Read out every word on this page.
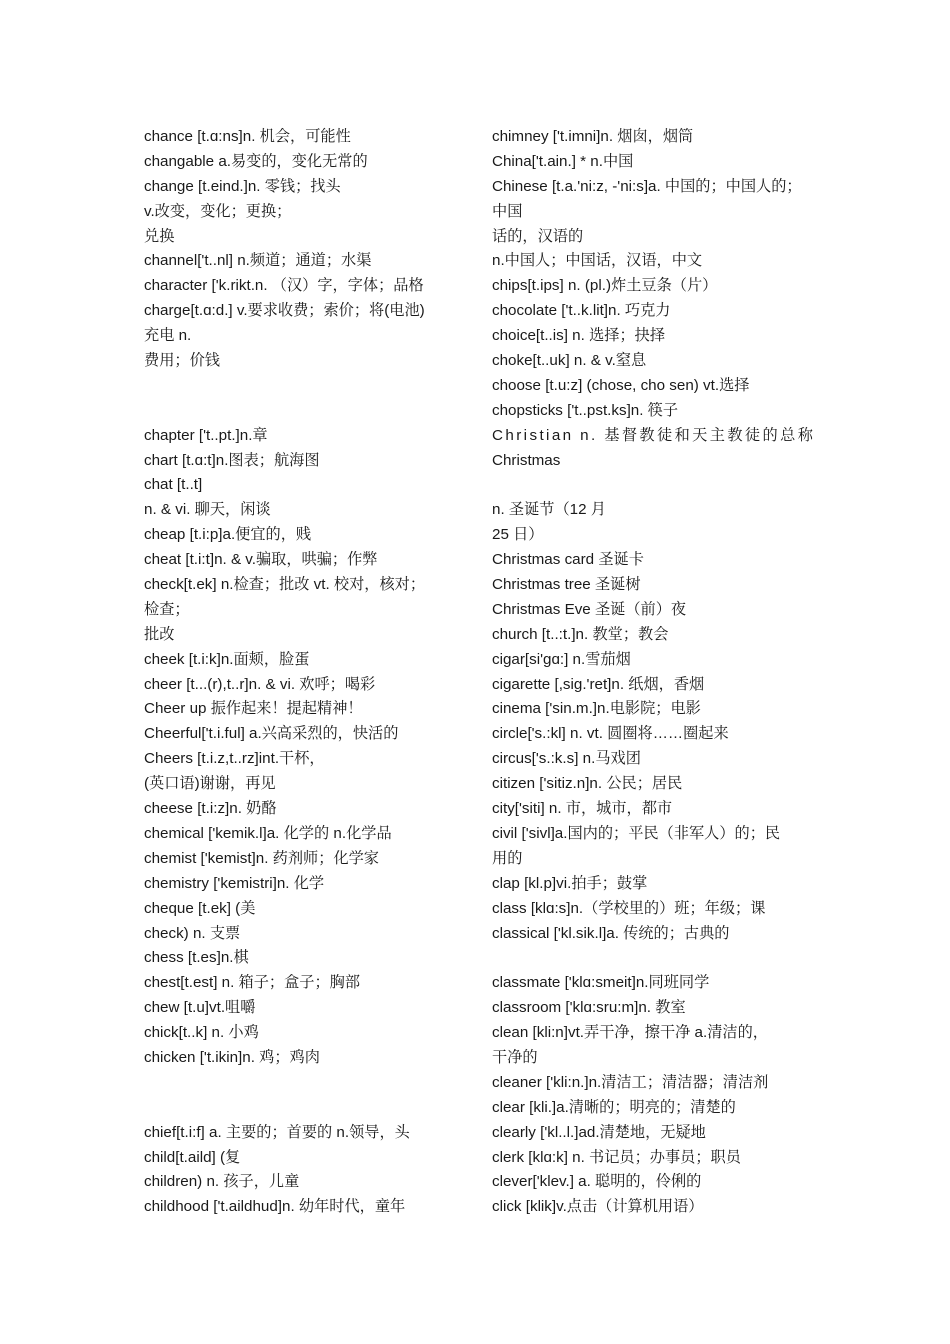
chance [t.ɑ:ns]n. 机会，可能性
changable a.易变的，变化无常的
change [t.eind.]n. 零钱；找头
v.改变，变化；更换；
兑换
channel['t..nl] n.频道；通道；水渠
character ['k.rikt.n. （汉）字，字体；品格
charge[t.ɑ:d.] v.要求收费；索价；将(电池)
充电 n.
费用；价钱
chapter ['t..pt.]n.章
chart [t.ɑ:t]n.图表；航海图
chat [t..t]
n. & vi. 聊天，闲谈
cheap [t.i:p]a.便宜的，贱
cheat [t.i:t]n. & v.骗取，哄骗；作弊
check[t.ek] n.检查；批改 vt. 校对，核对；
检查；
批改
cheek [t.i:k]n.面颊，脸蛋
cheer [t...(r),t..r]n. & vi. 欢呼；喝彩
Cheer up 振作起来！提起精神！
Cheerful['t.i.ful] a.兴高采烈的，快活的
Cheers [t.i.z,t..rz]int.干杯，
(英口语)谢谢，再见
cheese [t.i:z]n. 奶酪
chemical ['kemik.l]a. 化学的 n.化学品
chemist ['kemist]n. 药剂师；化学家
chemistry ['kemistri]n. 化学
cheque [t.ek] (美
check) n. 支票
chess [t.es]n.棋
chest[t.est] n. 箱子；盒子；胸部
chew [t.u]vt.咀嚼
chick[t..k] n. 小鸡
chicken ['t.ikin]n. 鸡；鸡肉
chief[t.i:f] a. 主要的；首要的 n.领导，头
child[t.aild] (复
children) n. 孩子，儿童
childhood ['t.aildhud]n. 幼年时代，童年
chimney ['t.imni]n. 烟囱，烟筒
China['t.ain.] * n.中国
Chinese [t.a.'ni:z, -'ni:s]a. 中国的；中国人的；
中国
话的，汉语的
n.中国人；中国话，汉语，中文
chips[t.ips] n. (pl.)炸土豆条（片）
chocolate ['t..k.lit]n. 巧克力
choice[t..is] n. 选择；抉择
choke[t..uk] n. & v.窒息
choose [t.u:z] (chose, cho sen) vt.选择
chopsticks ['t..pst.ks]n. 筷子
Christian n. 基督教徒和天主教徒的总称
Christmas
n. 圣诞节（12 月
25 日）
Christmas card 圣诞卡
Christmas tree 圣诞树
Christmas Eve 圣诞（前）夜
church [t..:t.]n. 教堂；教会
cigar[si'gɑ:] n.雪茄烟
cigarette [,sig.'ret]n. 纸烟，香烟
cinema ['sin.m.]n.电影院；电影
circle['s.:kl] n. vt. 圆圈将……圈起来
circus['s.:k.s] n.马戏团
citizen ['sitiz.n]n. 公民；居民
city['siti] n. 市，城市，都市
civil ['sivl]a.国内的；平民（非军人）的；民
用的
clap [kl.p]vi.拍手；鼓掌
class [klɑ:s]n.（学校里的）班；年级；课
classical ['kl.sik.l]a. 传统的；古典的
classmate ['klɑ:smeit]n.同班同学
classroom ['klɑ:sru:m]n. 教室
clean [kli:n]vt.弄干净，擦干净 a.清洁的，
干净的
cleaner ['kli:n.]n.清洁工；清洁器；清洁剂
clear [kli.]a.清晰的；明亮的；清楚的
clearly ['kl..l.]ad.清楚地，无疑地
clerk [klɑ:k] n. 书记员；办事员；职员
clever['klev.] a. 聪明的，伶俐的
click [klik]v.点击（计算机用语）
